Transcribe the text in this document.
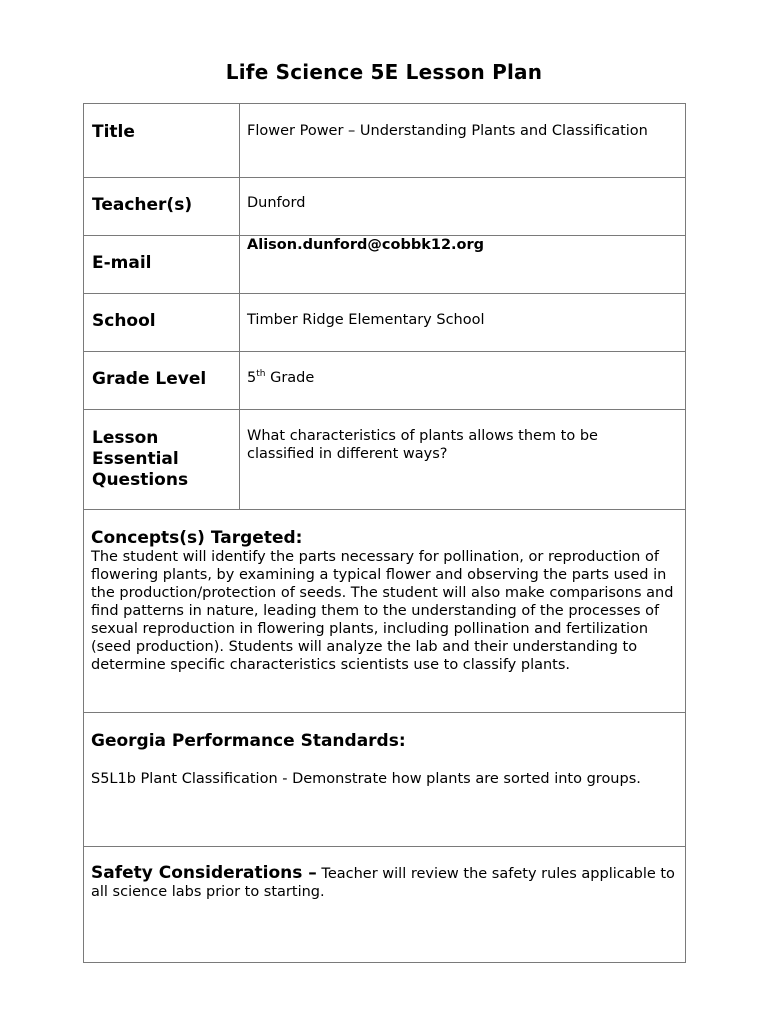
Life Science 5E Lesson Plan
Title	Flower Power – Understanding Plants and Classification

Teacher(s)	Dunford

E-mail	Alison.dunford@cobbk12.org

School	Timber Ridge Elementary School

Grade Level	5th Grade

Lesson Essential Questions	What characteristics of plants allows them to be classified in different ways?

Concepts(s) Targeted:
The student will identify the parts necessary for pollination, or reproduction of flowering plants, by examining a typical flower and observing the parts used in the production/protection of seeds. The student will also make comparisons and find patterns in nature, leading them to the understanding of the processes of sexual reproduction in flowering plants, including pollination and fertilization (seed production). Students will analyze the lab and their understanding to determine specific characteristics scientists use to classify plants.	

Georgia Performance Standards:
S5L1b Plant Classification - Demonstrate how plants are sorted into groups.	

Safety Considerations – Teacher will review the safety rules applicable to all science labs prior to starting.	
